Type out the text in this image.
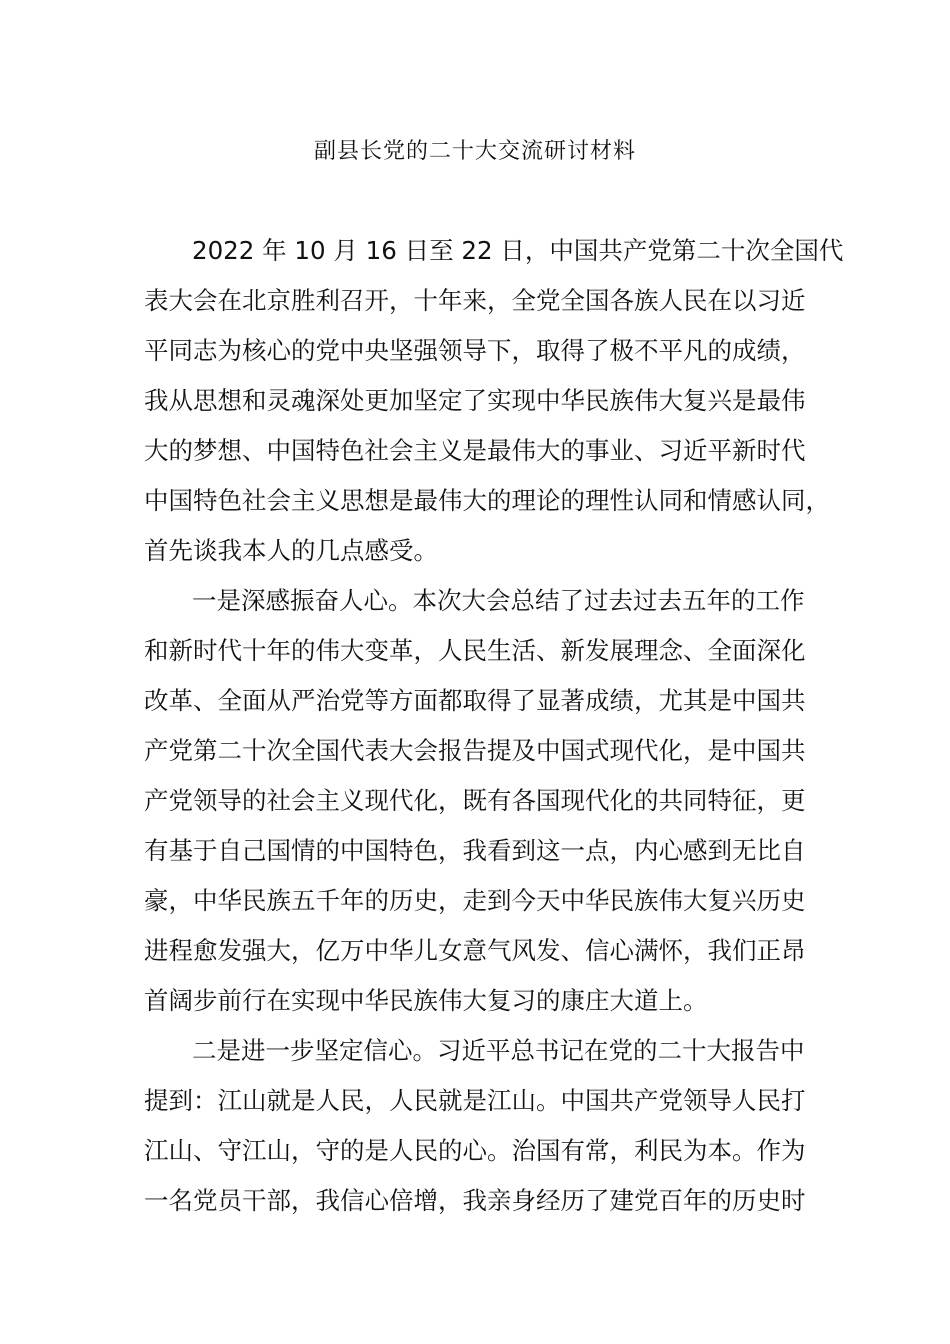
副县长党的二十大交流研讨材料
2022 年 10 月 16 日至 22 日，中国共产党第二十次全国代
表大会在北京胜利召开，十年来，全党全国各族人民在以习近
平同志为核心的党中央坚强领导下，取得了极不平凡的成绩，
我从思想和灵魂深处更加坚定了实现中华民族伟大复兴是最伟
大的梦想、中国特色社会主义是最伟大的事业、习近平新时代
中国特色社会主义思想是最伟大的理论的理性认同和情感认同，
首先谈我本人的几点感受。
一是深感振奋人心。本次大会总结了过去过去五年的工作
和新时代十年的伟大变革，人民生活、新发展理念、全面深化
改革、全面从严治党等方面都取得了显著成绩，尤其是中国共
产党第二十次全国代表大会报告提及中国式现代化，是中国共
产党领导的社会主义现代化，既有各国现代化的共同特征，更
有基于自己国情的中国特色，我看到这一点，内心感到无比自
豪，中华民族五千年的历史，走到今天中华民族伟大复兴历史
进程愈发强大，亿万中华儿女意气风发、信心满怀，我们正昂
首阔步前行在实现中华民族伟大复习的康庄大道上。
二是进一步坚定信心。习近平总书记在党的二十大报告中
提到：江山就是人民，人民就是江山。中国共产党领导人民打
江山、守江山，守的是人民的心。治国有常，利民为本。作为
一名党员干部，我信心倍增，我亲身经历了建党百年的历史时
